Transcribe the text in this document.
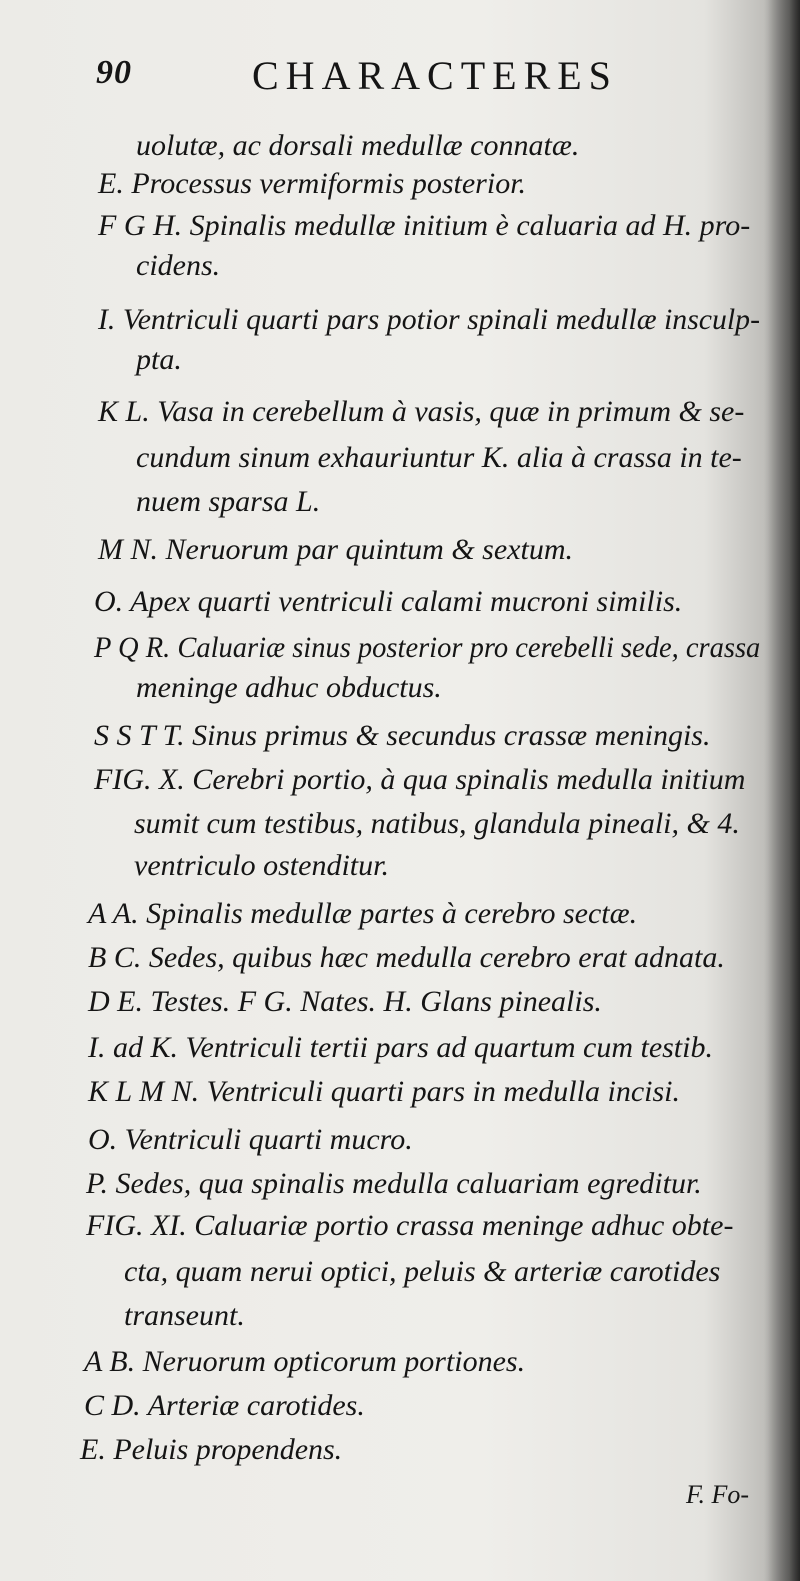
90	CHARACTERES
uolutæ, ac dorsali medullæ connatæ.
E. Processus vermiformis posterior.
F G H. Spinalis medullæ initium è caluaria ad H. pro-
cidens.
I. Ventriculi quarti pars potior spinali medullæ insculp-
pta.
K L. Vasa in cerebellum à vasis, quæ in primum & se-
cundum sinum exhauriuntur K. alia à crassa in te-
nuem sparsa L.
M N. Neruorum par quintum & sextum.
O. Apex quarti ventriculi calami mucroni similis.
P Q R. Caluariæ sinus posterior pro cerebelli sede, crassa
meninge adhuc obductus.
S S T T. Sinus primus & secundus crassæ meningis.
FIG. X. Cerebri portio, à qua spinalis medulla initium
sumit cum testibus, natibus, glandula pineali, & 4.
ventriculo ostenditur.
A A. Spinalis medullæ partes à cerebro sectæ.
B C. Sedes, quibus hæc medulla cerebro erat adnata.
D E. Testes. F G. Nates. H. Glans pinealis.
I. ad K. Ventriculi tertii pars ad quartum cum testib.
K L M N. Ventriculi quarti pars in medulla incisi.
O. Ventriculi quarti mucro.
P. Sedes, qua spinalis medulla caluariam egreditur.
FIG. XI. Caluariæ portio crassa meninge adhuc obte-
cta, quam nerui optici, peluis & arteriæ carotides
transeunt.
A B. Neruorum opticorum portiones.
C D. Arteriæ carotides.
E. Peluis propendens.
F. Fo-
